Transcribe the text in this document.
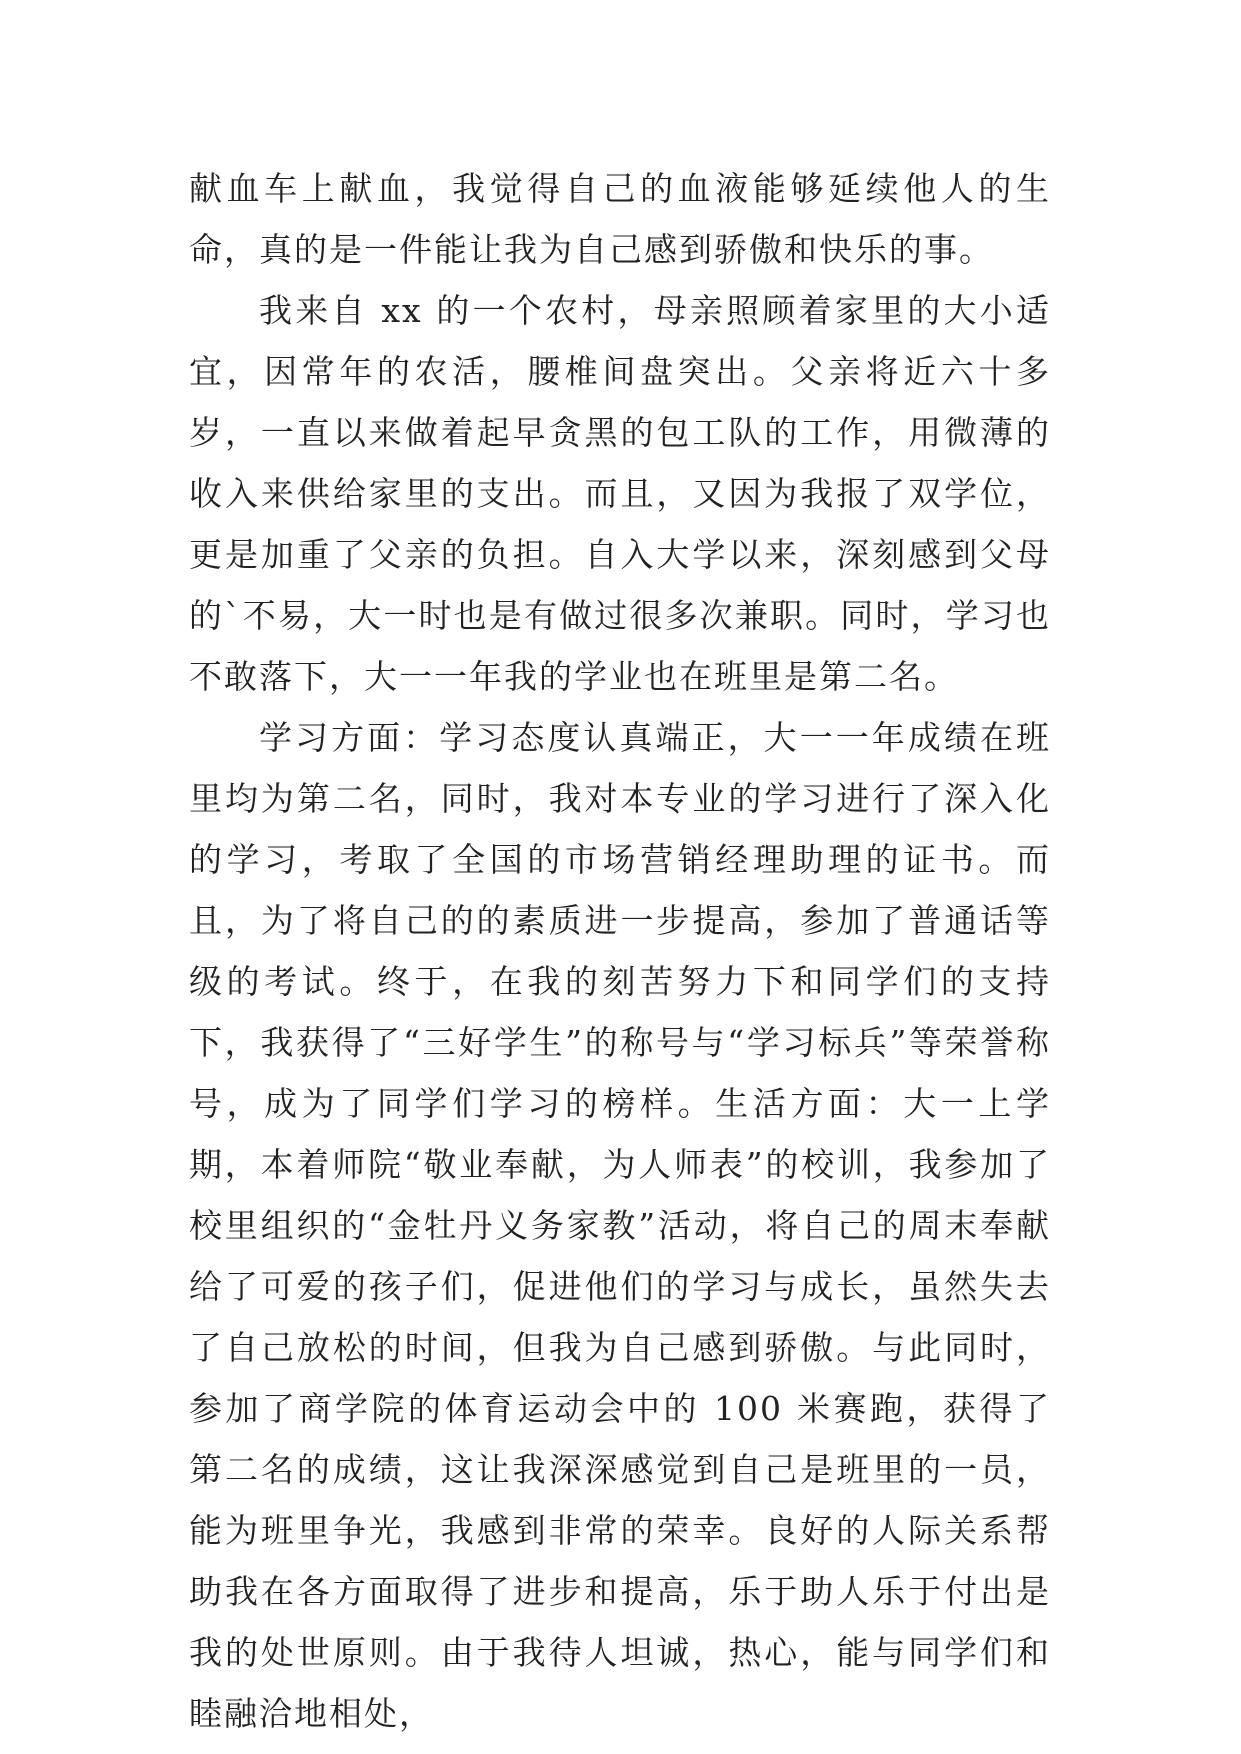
献血车上献血，我觉得自己的血液能够延续他人的生命，真的是一件能让我为自己感到骄傲和快乐的事。

我来自 xx 的一个农村，母亲照顾着家里的大小适宜，因常年的农活，腰椎间盘突出。父亲将近六十多岁，一直以来做着起早贪黑的包工队的工作，用微薄的收入来供给家里的支出。而且，又因为我报了双学位，更是加重了父亲的负担。自入大学以来，深刻感到父母的`不易，大一时也是有做过很多次兼职。同时，学习也不敢落下，大一一年我的学业也在班里是第二名。

学习方面：学习态度认真端正，大一一年成绩在班里均为第二名，同时，我对本专业的学习进行了深入化的学习，考取了全国的市场营销经理助理的证书。而且，为了将自己的的素质进一步提高，参加了普通话等级的考试。终于，在我的刻苦努力下和同学们的支持下，我获得了“三好学生”的称号与“学习标兵”等荣誉称号，成为了同学们学习的榜样。生活方面：大一上学期，本着师院“敬业奉献，为人师表”的校训，我参加了校里组织的“金牡丹义务家教”活动，将自己的周末奉献给了可爱的孩子们，促进他们的学习与成长，虽然失去了自己放松的时间，但我为自己感到骄傲。与此同时，参加了商学院的体育运动会中的 100 米赛跑，获得了第二名的成绩，这让我深深感觉到自己是班里的一员，能为班里争光，我感到非常的荣幸。良好的人际关系帮助我在各方面取得了进步和提高，乐于助人乐于付出是我的处世原则。由于我待人坦诚，热心，能与同学们和睦融洽地相处，
